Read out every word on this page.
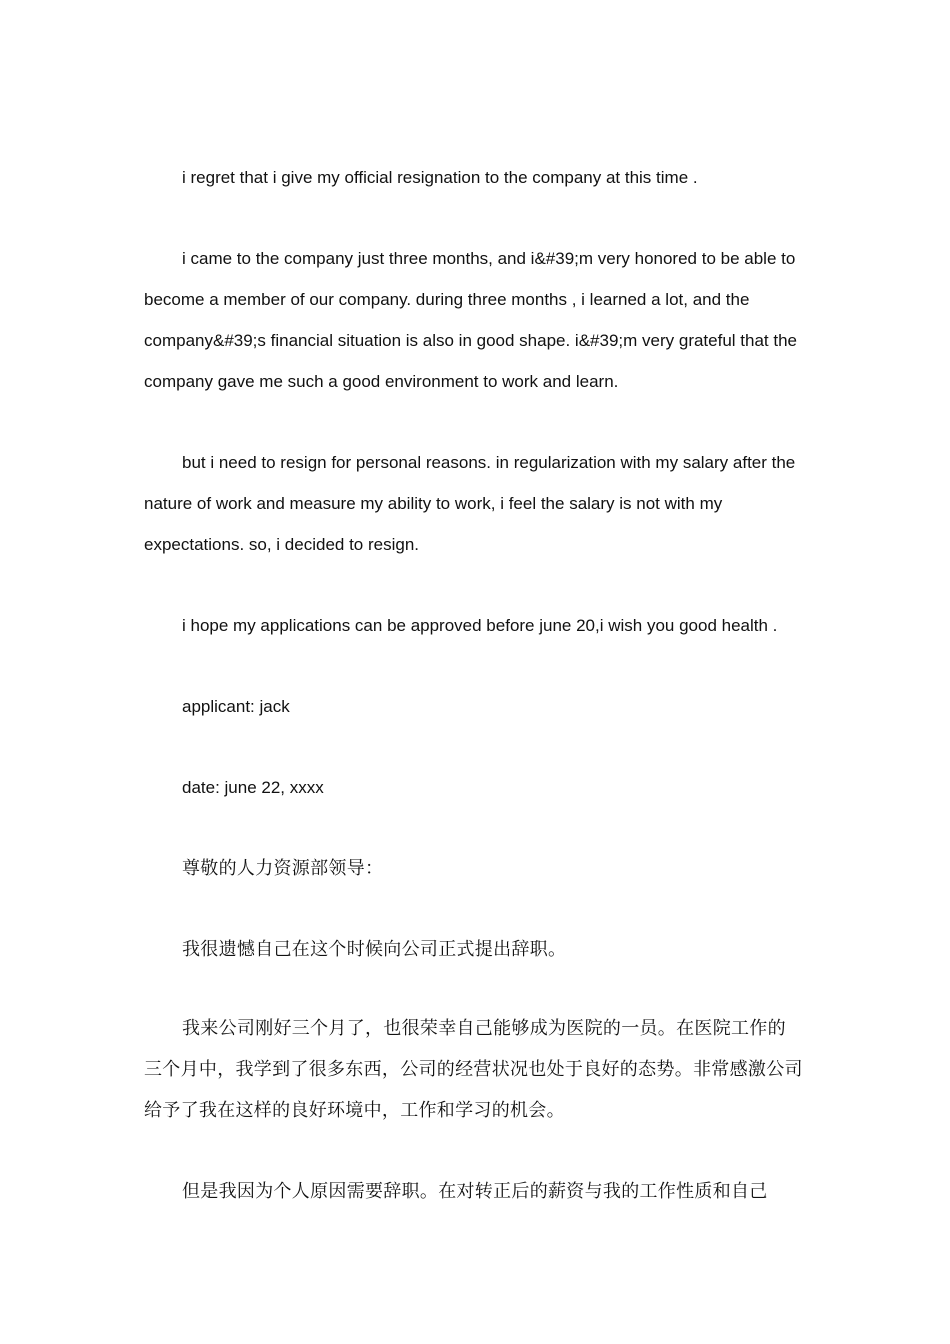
i regret that i give my official resignation to the company at this time .

i came to the company just three months, and i&#39;m very honored to be able to become a member of our company. during three months , i learned a lot, and the company&#39;s financial situation is also in good shape. i&#39;m very grateful that the company gave me such a good environment to work and learn.

but i need to resign for personal reasons. in regularization with my salary after the nature of work and measure my ability to work, i feel the salary is not with my expectations. so, i decided to resign.

i hope my applications can be approved before june 20,i wish you good health .

applicant: jack

date: june 22, xxxx

尊敬的人力资源部领导：

我很遗憾自己在这个时候向公司正式提出辞职。

我来公司刚好三个月了，也很荣幸自己能够成为医院的一员。在医院工作的三个月中，我学到了很多东西，公司的经营状况也处于良好的态势。非常感激公司给予了我在这样的良好环境中，工作和学习的机会。

但是我因为个人原因需要辞职。在对转正后的薪资与我的工作性质和自己
